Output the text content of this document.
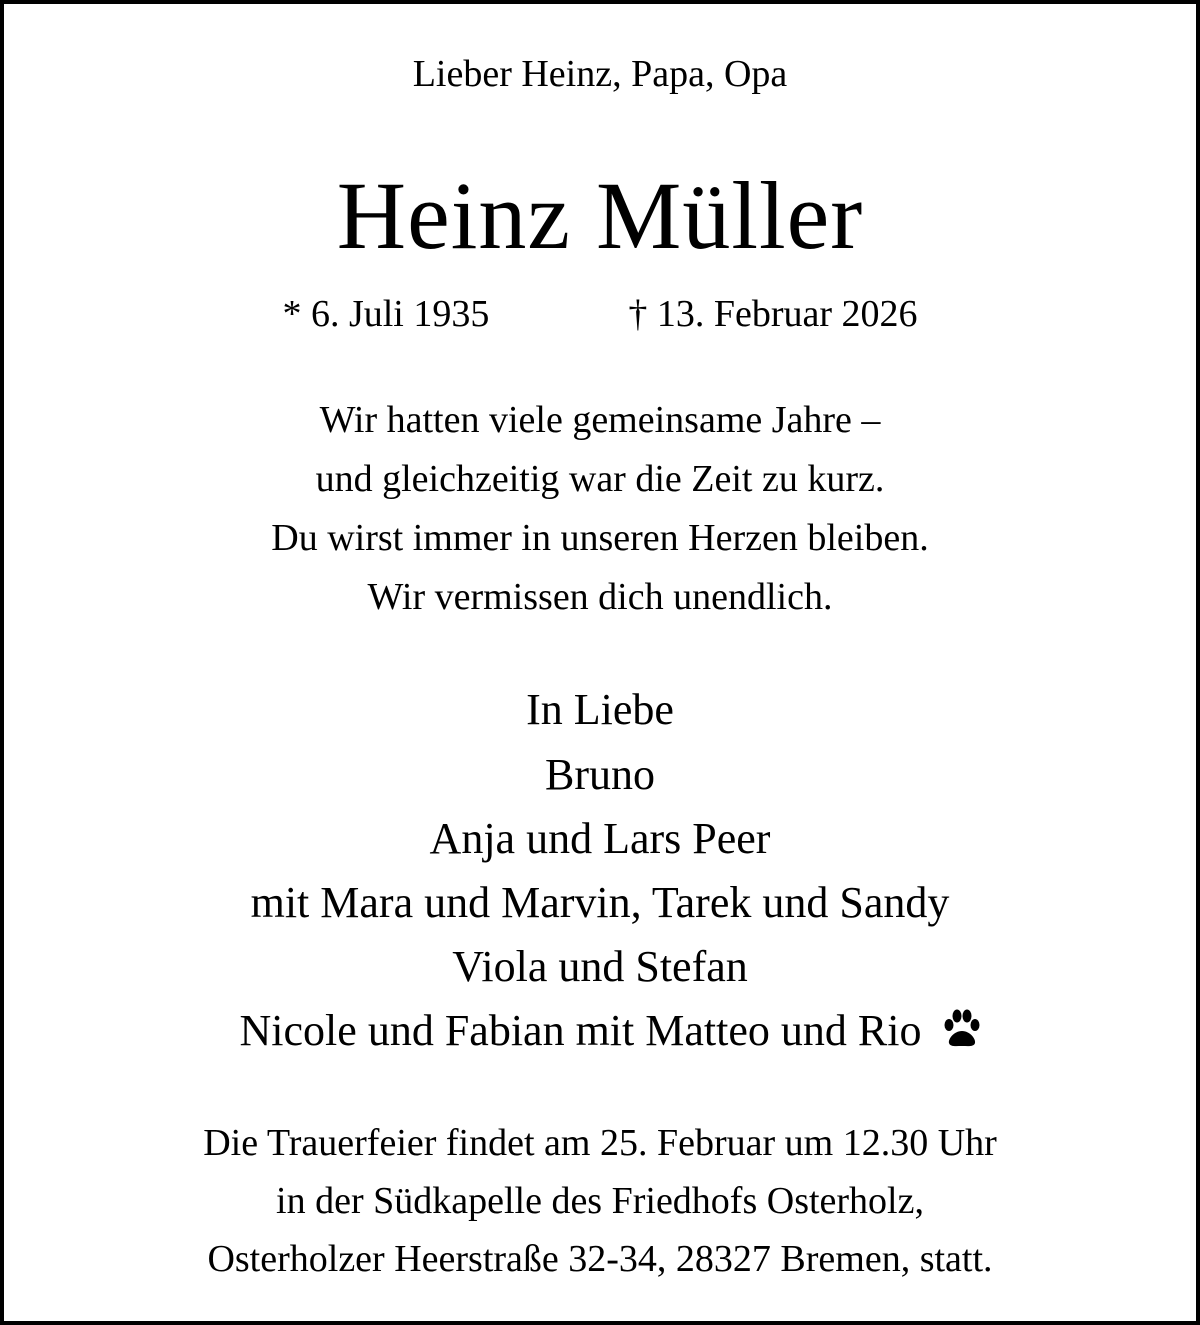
Lieber Heinz, Papa, Opa
Heinz Müller
* 6. Juli 1935	† 13. Februar 2026
Wir hatten viele gemeinsame Jahre –
und gleichzeitig war die Zeit zu kurz.
Du wirst immer in unseren Herzen bleiben.
Wir vermissen dich unendlich.
In Liebe
Bruno
Anja und Lars Peer
mit Mara und Marvin, Tarek und Sandy
Viola und Stefan
Nicole und Fabian mit Matteo und Rio
Die Trauerfeier findet am 25. Februar um 12.30 Uhr
in der Südkapelle des Friedhofs Osterholz,
Osterholzer Heerstraße 32-34, 28327 Bremen, statt.
